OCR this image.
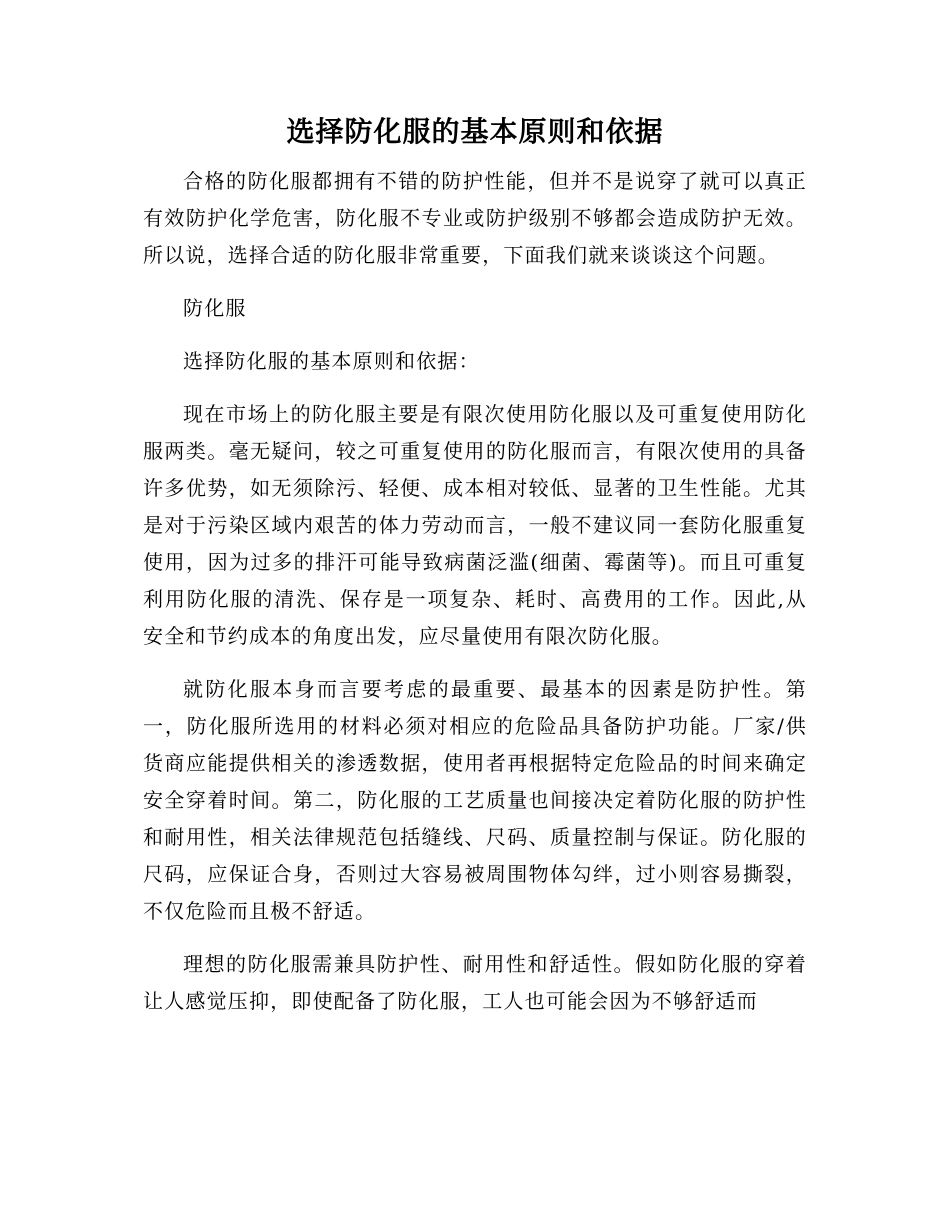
选择防化服的基本原则和依据

合格的防化服都拥有不错的防护性能，但并不是说穿了就可以真正有效防护化学危害，防化服不专业或防护级别不够都会造成防护无效。所以说，选择合适的防化服非常重要，下面我们就来谈谈这个问题。

防化服

选择防化服的基本原则和依据：

现在市场上的防化服主要是有限次使用防化服以及可重复使用防化服两类。毫无疑问，较之可重复使用的防化服而言，有限次使用的具备许多优势，如无须除污、轻便、成本相对较低、显著的卫生性能。尤其是对于污染区域内艰苦的体力劳动而言，一般不建议同一套防化服重复使用，因为过多的排汗可能导致病菌泛滥(细菌、霉菌等)。而且可重复利用防化服的清洗、保存是一项复杂、耗时、高费用的工作。因此,从安全和节约成本的角度出发，应尽量使用有限次防化服。

就防化服本身而言要考虑的最重要、最基本的因素是防护性。第一，防化服所选用的材料必须对相应的危险品具备防护功能。厂家/供货商应能提供相关的渗透数据，使用者再根据特定危险品的时间来确定安全穿着时间。第二，防化服的工艺质量也间接决定着防化服的防护性和耐用性，相关法律规范包括缝线、尺码、质量控制与保证。防化服的尺码，应保证合身，否则过大容易被周围物体勾绊，过小则容易撕裂，不仅危险而且极不舒适。

理想的防化服需兼具防护性、耐用性和舒适性。假如防化服的穿着让人感觉压抑，即使配备了防化服，工人也可能会因为不够舒适而
